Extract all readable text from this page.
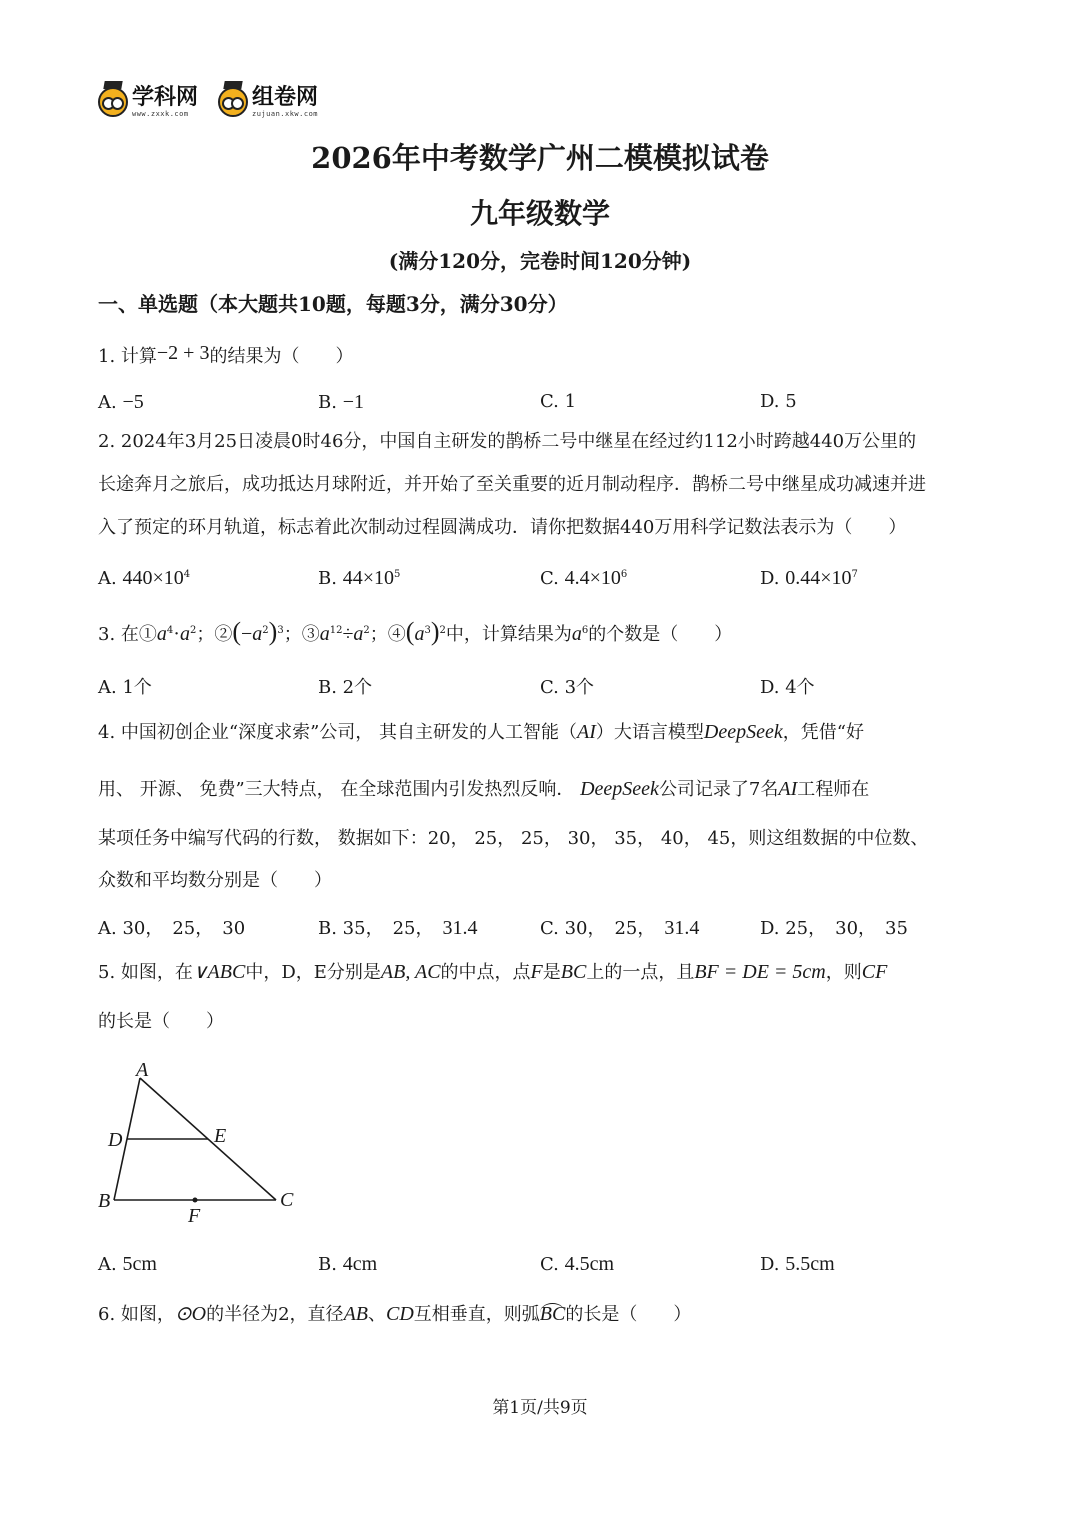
学科网
www.zxxk.com
组卷网
zujuan.xkw.com
2026年中考数学广州二模模拟试卷
九年级数学
(满分120分，完卷时间120分钟)
一、单选题（本大题共10题，每题3分，满分30分）
1. 计算−2 + 3的结果为（　　）
A. −5	B. −1	C. 1	D. 5
2. 2024年3月25日凌晨0时46分，中国自主研发的鹊桥二号中继星在经过约112小时跨越440万公里的
长途奔月之旅后，成功抵达月球附近，并开始了至关重要的近月制动程序．鹊桥二号中继星成功减速并进
入了预定的环月轨道，标志着此次制动过程圆满成功．请你把数据440万用科学记数法表示为（　　）
A. $440\times 10^4$	B. $44\times 10^5$	C. $4.4\times 10^6$	D. $0.44\times 10^7$
3. 在$①a^4\cdot a^2$；$②(-a^2)^3$；$③a^{12}\div a^2$；$④(a^3)^2$中，计算结果为$a^6$的个数是（　　）
A. 1个	B. 2个	C. 3个	D. 4个
4. 中国初创企业“深度求索”公司， 其自主研发的人工智能（AI）大语言模型DeepSeek，凭借“好
用、 开源、 免费”三大特点， 在全球范围内引发热烈反响． DeepSeek公司记录了7名AI工程师在
某项任务中编写代码的行数， 数据如下：20， 25， 25， 30， 35， 40， 45，则这组数据的中位数、
众数和平均数分别是（　　）
A. 30，　25，　30	B. 35，　25，　 31.4	C. 30，　25，　 31.4	D. 25，　30，　35
5. 如图，在∨ABC中，D，E分别是AB, AC的中点，点F是BC上的一点，且BF = DE = 5cm，则CF
的长是（　　）
A
D	E
B
F
C
A. 5cm	B. 4cm	C. 4.5cm	D. 5.5cm
6. 如图，⊙O的半径为2，直径AB、CD互相垂直，则弧BC的长是（　　）
第1页/共9页
